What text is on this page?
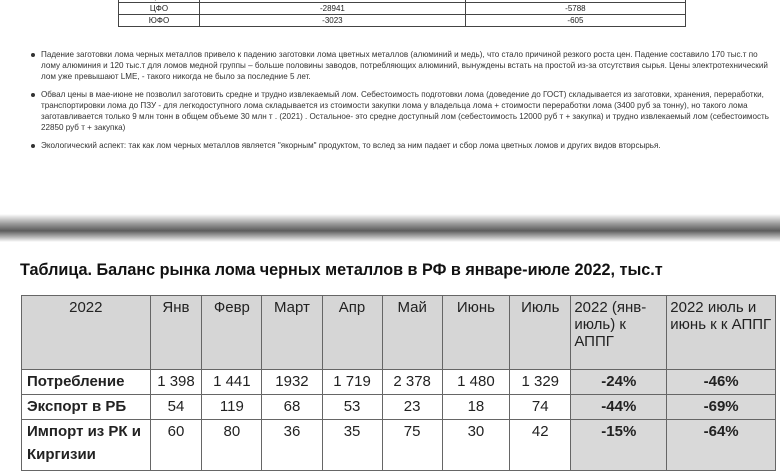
ЦФО	-28941	-5788
ЮФО	-3023	-605
Падение заготовки лома черных металлов привело к падению заготовки лома цветных металлов (алюминий и медь), что стало причиной резкого роста цен. Падение составило 170 тыс.т по лому алюминия и 120 тыс.т для ломов медной группы – больше половины заводов, потребляющих алюминий, вынуждены встать на простой из-за отсутствия сырья. Цены электротехнический лом уже превышают LME, - такого никогда не было за последние 5 лет.
Обвал цены в мае-июне не позволил заготовить средне и трудно извлекаемый лом. Себестоимость подготовки лома (доведение до ГОСТ) складывается из заготовки, хранения, переработки, транспортировки лома до ПЗУ - для легкодоступного лома складывается из стоимости закупки лома у владельца лома + стоимости переработки лома (3400 руб за тонну), но такого лома заготавливается только 9 млн тонн в общем объеме 30 млн т . (2021) . Остальное- это средне доступный лом (себестоимость 12000 руб т + закупка) и трудно извлекаемый лом (себестоимость 22850 руб т + закупка)
Экологический аспект: так как лом черных металлов является "якорным" продуктом, то вслед за ним падает и сбор лома цветных ломов и других видов вторсырья.
Таблица. Баланс рынка лома черных металлов в РФ в январе-июле 2022, тыс.т
2022	Янв	Февр	Март	Апр	Май	Июнь	Июль	2022 (янв-июль) к АППГ	2022 июль и июнь к к АППГ
Потребление	1 398	1 441	1932	1 719	2 378	1 480	1 329	-24%	-46%
Экспорт в РБ	54	119	68	53	23	18	74	-44%	-69%
Импорт из РК и Киргизии	60	80	36	35	75	30	42	-15%	-64%
